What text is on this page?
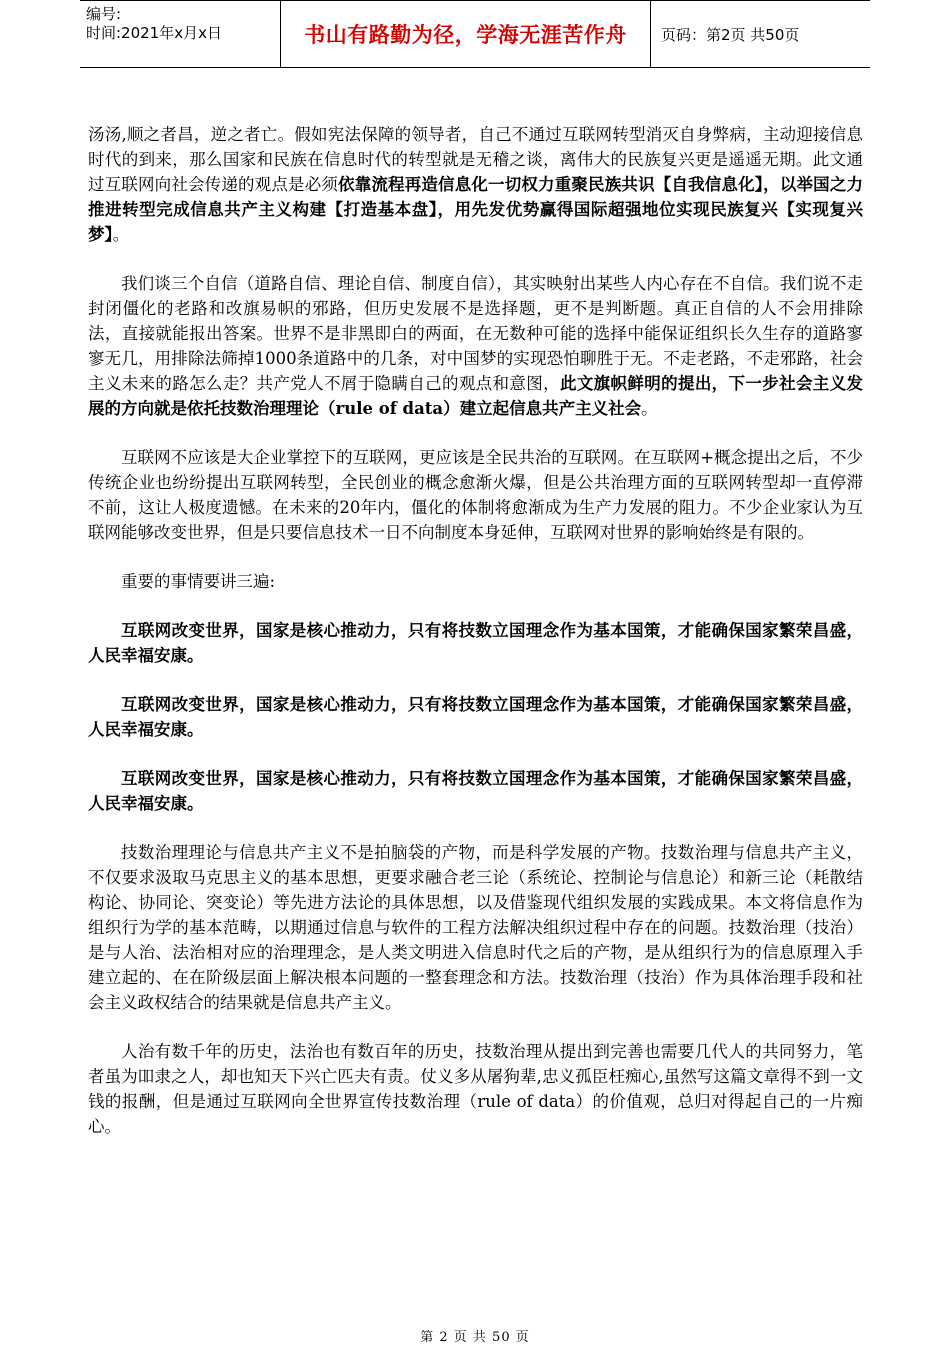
编号:
时间:2021年x月x日	书山有路勤为径，学海无涯苦作舟	页码：第2页 共50页

汤汤,顺之者昌，逆之者亡。假如宪法保障的领导者，自己不通过互联网转型消灭自身弊病，主动迎接信息时代的到来，那么国家和民族在信息时代的转型就是无稽之谈，离伟大的民族复兴更是遥遥无期。此文通过互联网向社会传递的观点是必须依靠流程再造信息化一切权力重聚民族共识【自我信息化】，以举国之力推进转型完成信息共产主义构建【打造基本盘】，用先发优势赢得国际超强地位实现民族复兴【实现复兴梦】。

我们谈三个自信（道路自信、理论自信、制度自信），其实映射出某些人内心存在不自信。我们说不走封闭僵化的老路和改旗易帜的邪路，但历史发展不是选择题，更不是判断题。真正自信的人不会用排除法，直接就能报出答案。世界不是非黑即白的两面，在无数种可能的选择中能保证组织长久生存的道路寥寥无几，用排除法筛掉1000条道路中的几条，对中国梦的实现恐怕聊胜于无。不走老路，不走邪路，社会主义未来的路怎么走？共产党人不屑于隐瞒自己的观点和意图，此文旗帜鲜明的提出，下一步社会主义发展的方向就是依托技数治理理论（rule of data）建立起信息共产主义社会。

互联网不应该是大企业掌控下的互联网，更应该是全民共治的互联网。在互联网+概念提出之后，不少传统企业也纷纷提出互联网转型，全民创业的概念愈渐火爆，但是公共治理方面的互联网转型却一直停滞不前，这让人极度遗憾。在未来的20年内，僵化的体制将愈渐成为生产力发展的阻力。不少企业家认为互联网能够改变世界，但是只要信息技术一日不向制度本身延伸，互联网对世界的影响始终是有限的。

重要的事情要讲三遍:

互联网改变世界，国家是核心推动力，只有将技数立国理念作为基本国策，才能确保国家繁荣昌盛，人民幸福安康。

互联网改变世界，国家是核心推动力，只有将技数立国理念作为基本国策，才能确保国家繁荣昌盛，人民幸福安康。

互联网改变世界，国家是核心推动力，只有将技数立国理念作为基本国策，才能确保国家繁荣昌盛，人民幸福安康。

技数治理理论与信息共产主义不是拍脑袋的产物，而是科学发展的产物。技数治理与信息共产主义，不仅要求汲取马克思主义的基本思想，更要求融合老三论（系统论、控制论与信息论）和新三论（耗散结构论、协同论、突变论）等先进方法论的具体思想，以及借鉴现代组织发展的实践成果。本文将信息作为组织行为学的基本范畴，以期通过信息与软件的工程方法解决组织过程中存在的问题。技数治理（技治）是与人治、法治相对应的治理理念，是人类文明进入信息时代之后的产物，是从组织行为的信息原理入手建立起的、在在阶级层面上解决根本问题的一整套理念和方法。技数治理（技治）作为具体治理手段和社会主义政权结合的结果就是信息共产主义。

人治有数千年的历史，法治也有数百年的历史，技数治理从提出到完善也需要几代人的共同努力，笔者虽为吅隶之人，却也知天下兴亡匹夫有责。仗义多从屠狗辈,忠义孤臣枉痴心,虽然写这篇文章得不到一文钱的报酬，但是通过互联网向全世界宣传技数治理（rule of data）的价值观，总归对得起自己的一片痴心。

第 2 页 共 50 页
